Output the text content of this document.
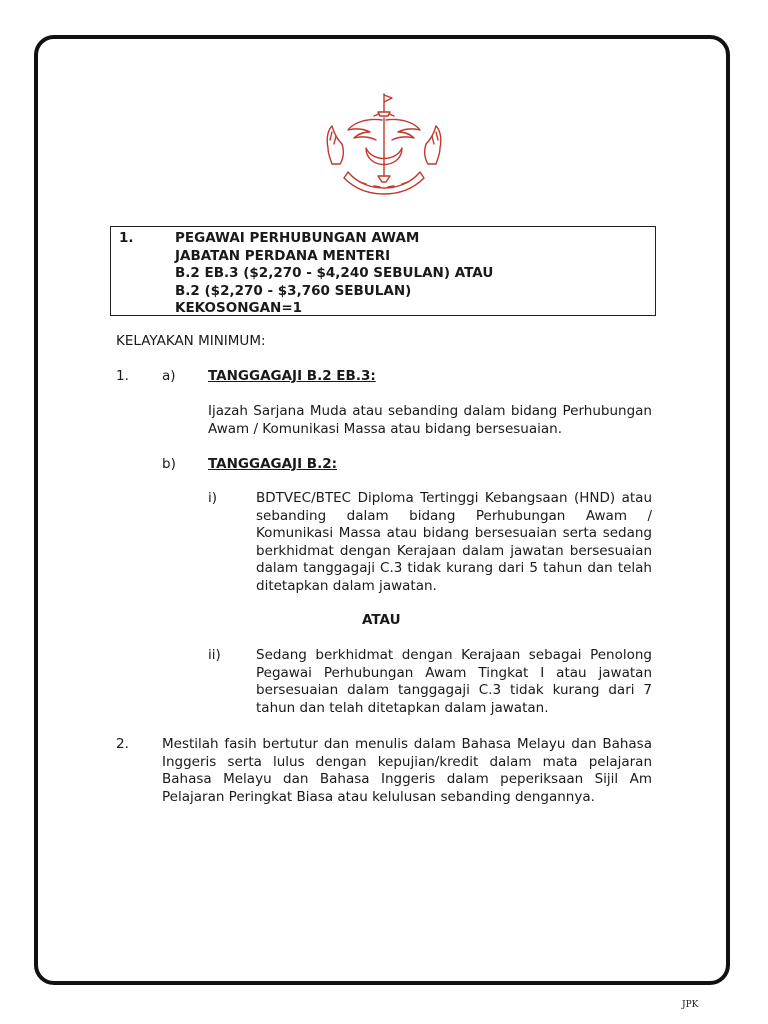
1.	PEGAWAI PERHUBUNGAN AWAM
JABATAN PERDANA MENTERI
B.2 EB.3 ($2,270 - $4,240 SEBULAN) ATAU
B.2 ($2,270 - $3,760 SEBULAN)
KEKOSONGAN=1
KELAYAKAN MINIMUM:
1. a) TANGGAGAJI B.2 EB.3:
Ijazah Sarjana Muda atau sebanding dalam bidang Perhubungan Awam / Komunikasi Massa atau bidang bersesuaian.
b) TANGGAGAJI B.2:
i)	BDTVEC/BTEC Diploma Tertinggi Kebangsaan (HND) atau sebanding dalam bidang Perhubungan Awam / Komunikasi Massa atau bidang bersesuaian serta sedang berkhidmat dengan Kerajaan dalam jawatan bersesuaian dalam tanggagaji C.3 tidak kurang dari 5 tahun dan telah ditetapkan dalam jawatan.
ATAU
ii)	Sedang berkhidmat dengan Kerajaan sebagai Penolong Pegawai Perhubungan Awam Tingkat I atau jawatan bersesuaian dalam tanggagaji C.3 tidak kurang dari 7 tahun dan telah ditetapkan dalam jawatan.
2. Mestilah fasih bertutur dan menulis dalam Bahasa Melayu dan Bahasa Inggeris serta lulus dengan kepujian/kredit dalam mata pelajaran Bahasa Melayu dan Bahasa Inggeris dalam peperiksaan Sijil Am Pelajaran Peringkat Biasa atau kelulusan sebanding dengannya.
JPK
